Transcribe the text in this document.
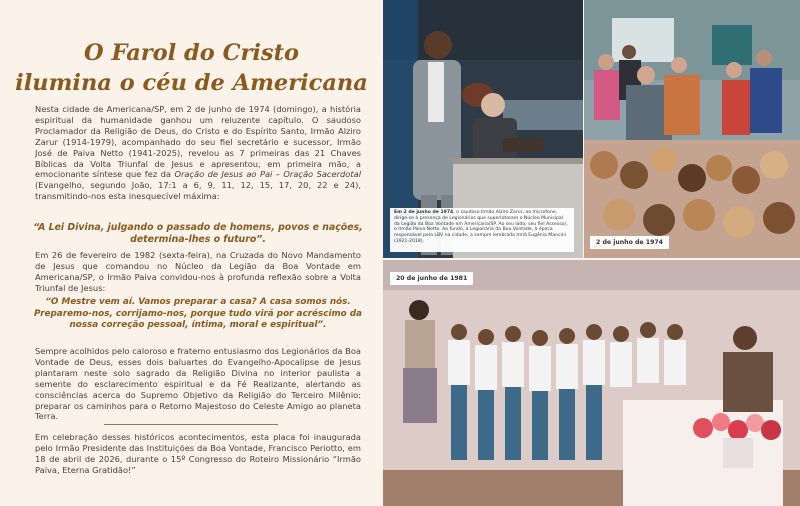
O Farol do Cristo
ilumina o céu de Americana
Nesta cidade de Americana/SP, em 2 de junho de 1974 (domingo), a história espiritual da humanidade ganhou um reluzente capítulo. O saudoso Proclamador da Religião de Deus, do Cristo e do Espírito Santo, Irmão Alziro Zarur (1914-1979), acompanhado do seu fiel secretário e sucessor, Irmão José de Paiva Netto (1941-2025), revelou as 7 primeiras das 21 Chaves Bíblicas da Volta Triunfal de Jesus e apresentou, em primeira mão, a emocionante síntese que fez da Oração de Jesus ao Pai – Oração Sacerdotal (Evangelho, segundo João, 17:1 a 6, 9, 11, 12, 15, 17, 20, 22 e 24), transmitindo-nos esta inesquecível máxima:
“A Lei Divina, julgando o passado de homens, povos e nações, determina-lhes o futuro”.
Em 26 de fevereiro de 1982 (sexta-feira), na Cruzada do Novo Mandamento de Jesus que comandou no Núcleo da Legião da Boa Vontade em Americana/SP, o Irmão Paiva convidou-nos à profunda reflexão sobre a Volta Triunfal de Jesus:
“O Mestre vem aí. Vamos preparar a casa? A casa somos nós. Preparemo-nos, corrijamo-nos, porque tudo virá por acréscimo da nossa correção pessoal, íntima, moral e espiritual”.
Sempre acolhidos pelo caloroso e fraterno entusiasmo dos Legionários da Boa Vontade de Deus, esses dois baluartes do Evangelho-Apocalipse de Jesus plantaram neste solo sagrado da Religião Divina no interior paulista a semente do esclarecimento espiritual e da Fé Realizante, alertando as consciências acerca do Supremo Objetivo da Religião do Terceiro Milênio: preparar os caminhos para o Retorno Majestoso do Celeste Amigo ao planeta Terra.
Em celebração desses históricos acontecimentos, esta placa foi inaugurada pelo Irmão Presidente das Instituições da Boa Vontade, Francisco Periotto, em 18 de abril de 2026, durante o 15º Congresso do Roteiro Missionário “Irmão Paiva, Eterna Gratidão!”
Em 2 de junho de 1974, o saudoso Irmão Alziro Zarur, ao microfone, dirige-se à presença de Legionários que superlotaram o Núcleo Municipal da Legião da Boa Vontade em Americana/SP. Ao seu lado, seu fiel Assessor, o Irmão Paiva Netto. Ao fundo, a Legionária da Boa Vontade, à época responsável pela LBV na cidade, a sempre lembrada Irmã Eugênia Mancini (1921-2018).	2 de junho de 1974
20 de junho de 1981
